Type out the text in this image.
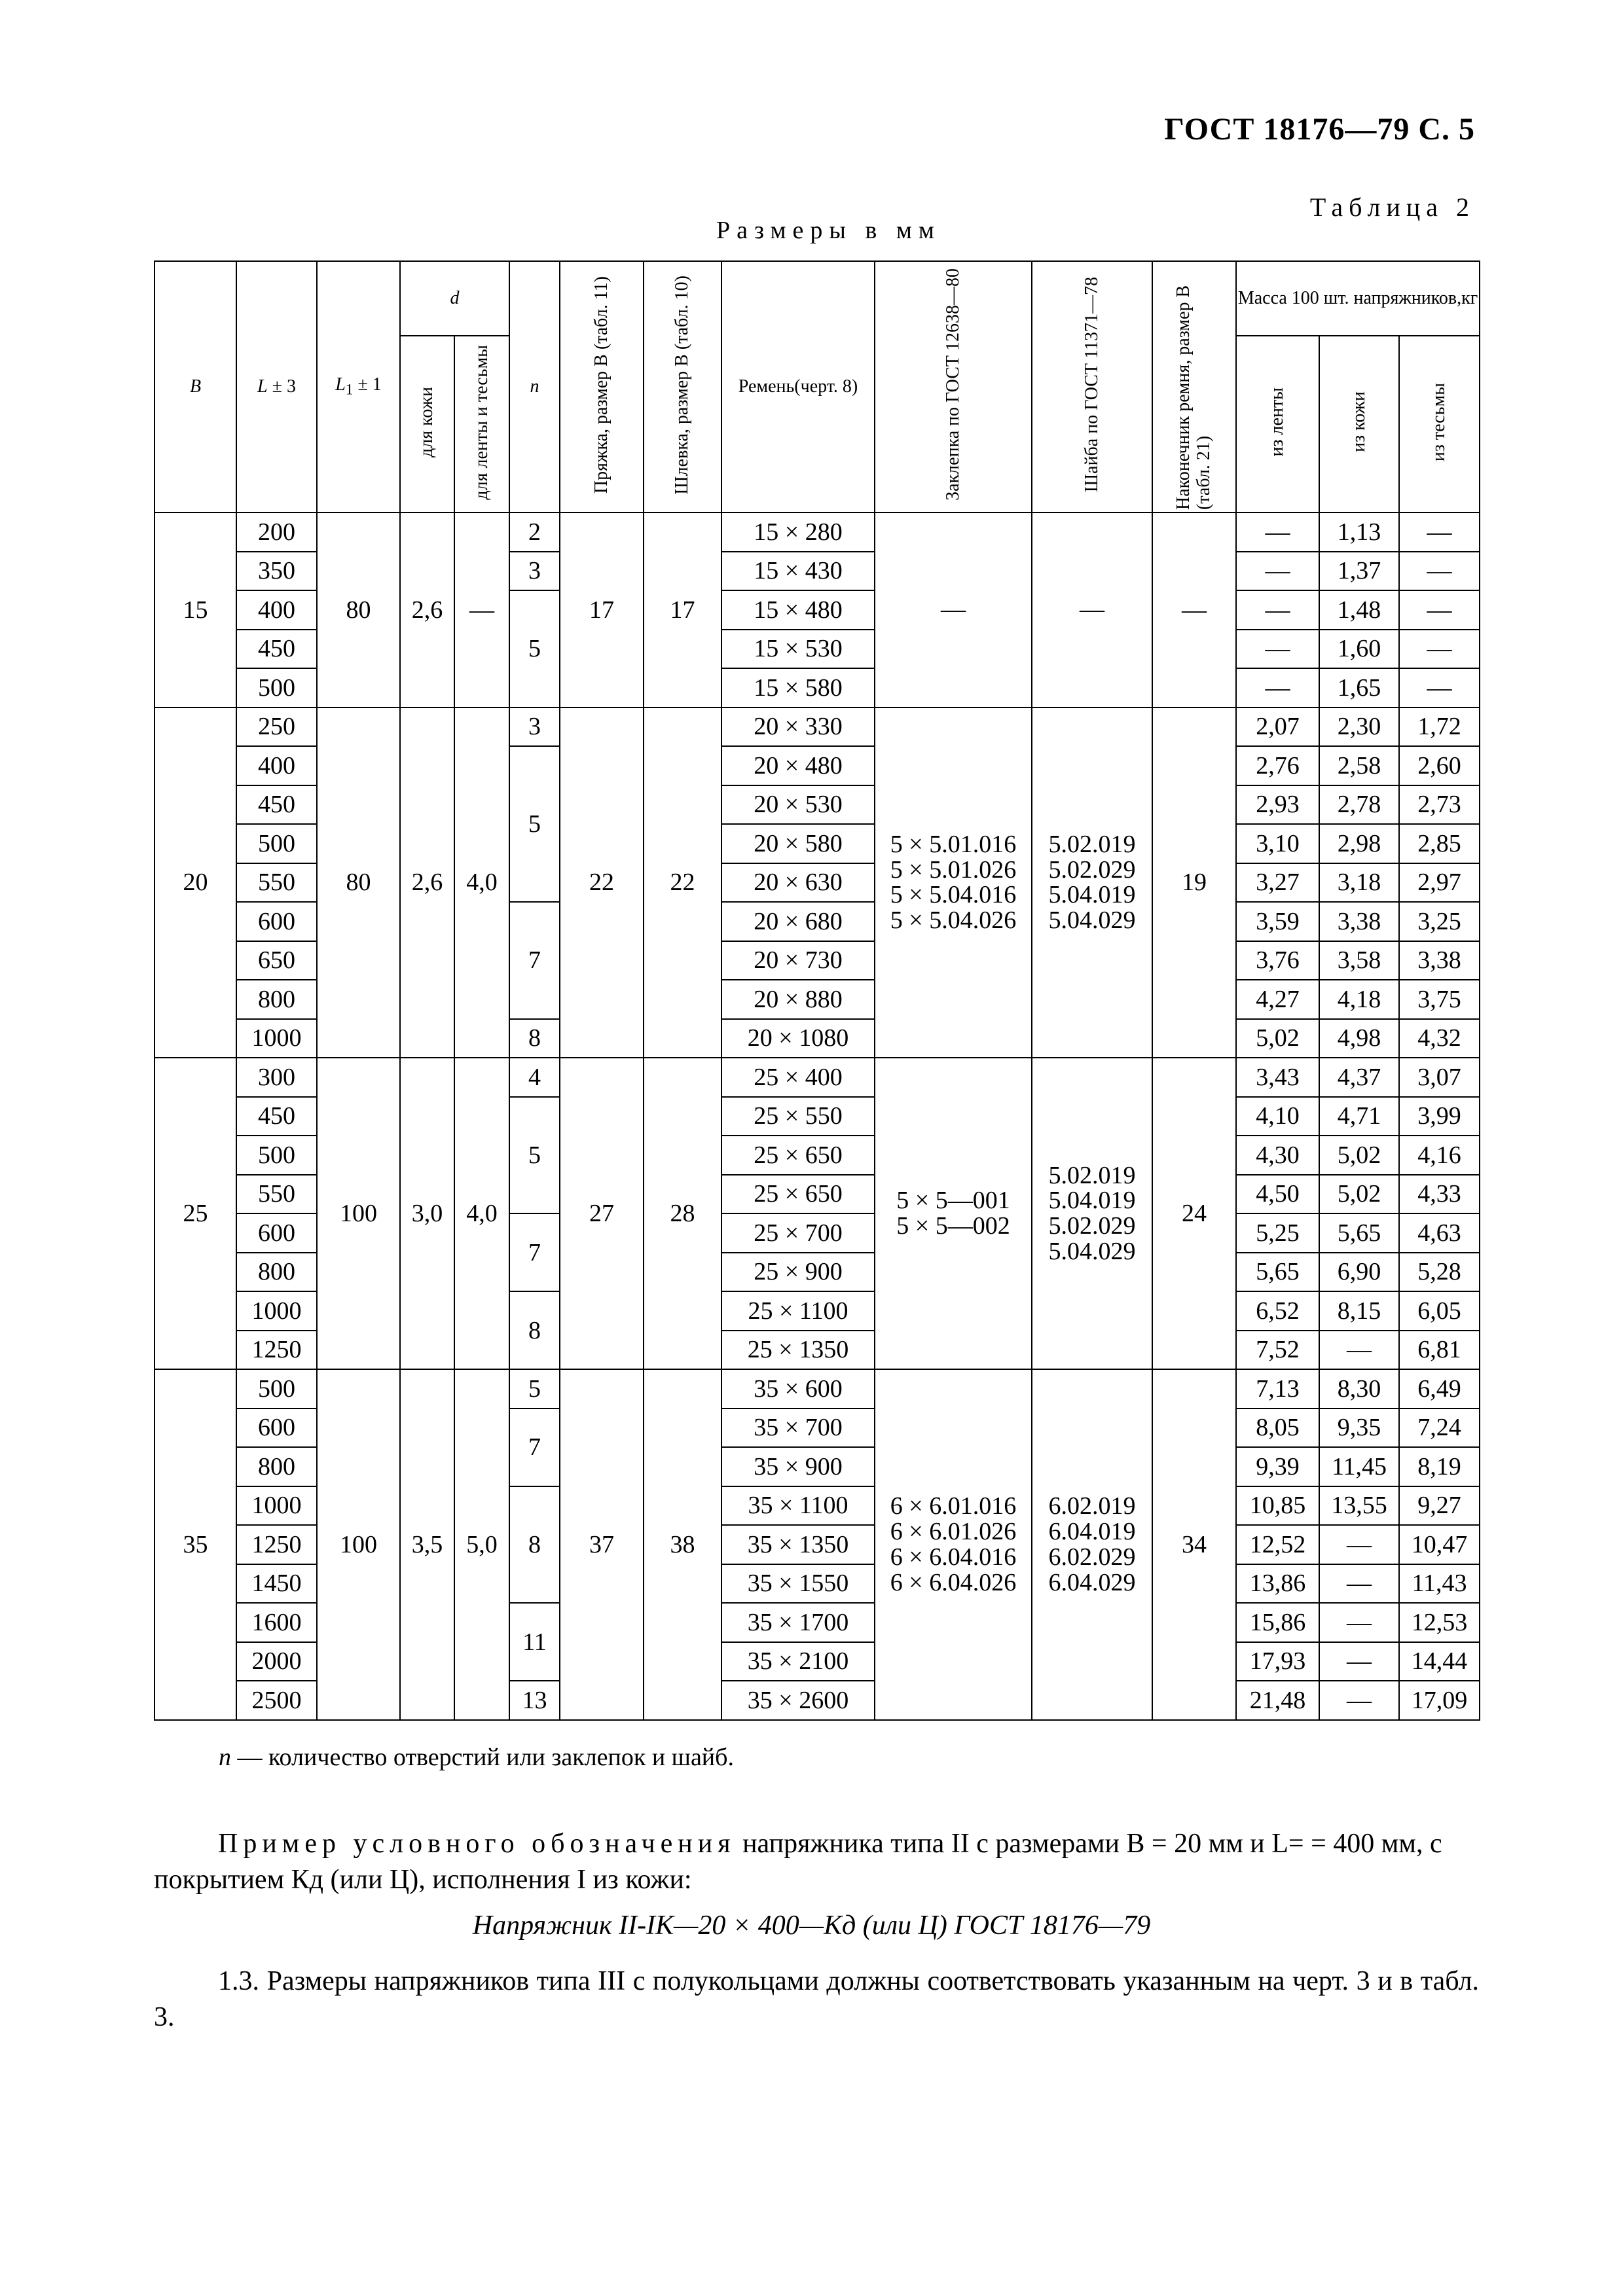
ГОСТ 18176—79 С. 5
Таблица 2
Размеры в мм
B	L ± 3	$L_1 \pm 1$	d		n	Пряжка, размер B (табл. 11)	Шлевка, размер B (табл. 10)	Ремень(черт. 8)	Заклепка по ГОСТ 12638—80	Шайба по ГОСТ 11371—78	Наконечник ремня, размер B (табл. 21)	Масса 100 шт. напряжников,кг		
			для кожи	для ленты и тесьмы								из ленты	из кожи	из тесьмы
15	200	80	2,6	—	2	17	17	15 × 280	—	—	—	—	1,13	—
	350				3			15 × 430				—	1,37	—
	400				5			15 × 480				—	1,48	—
	450							15 × 530				—	1,60	—
	500							15 × 580				—	1,65	—
20	250	80	2,6	4,0	3	22	22	20 × 330	5 × 5.01.016
5 × 5.01.026
5 × 5.04.016
5 × 5.04.026	5.02.019
5.02.029
5.04.019
5.04.029	19	2,07	2,30	1,72
	400				5			20 × 480				2,76	2,58	2,60
	450							20 × 530				2,93	2,78	2,73
	500							20 × 580				3,10	2,98	2,85
	550							20 × 630				3,27	3,18	2,97
	600				7			20 × 680				3,59	3,38	3,25
	650							20 × 730				3,76	3,58	3,38
	800							20 × 880				4,27	4,18	3,75
	1000				8			20 × 1080				5,02	4,98	4,32
25	300	100	3,0	4,0	4	27	28	25 × 400	5 × 5—001
5 × 5—002	5.02.019
5.04.019
5.02.029
5.04.029	24	3,43	4,37	3,07
	450				5			25 × 550				4,10	4,71	3,99
	500							25 × 650				4,30	5,02	4,16
	550							25 × 650				4,50	5,02	4,33
	600				7			25 × 700				5,25	5,65	4,63
	800							25 × 900				5,65	6,90	5,28
	1000				8			25 × 1100				6,52	8,15	6,05
	1250							25 × 1350				7,52	—	6,81
35	500	100	3,5	5,0	5	37	38	35 × 600	6 × 6.01.016
6 × 6.01.026
6 × 6.04.016
6 × 6.04.026	6.02.019
6.04.019
6.02.029
6.04.029	34	7,13	8,30	6,49
	600				7			35 × 700				8,05	9,35	7,24
	800							35 × 900				9,39	11,45	8,19
	1000				8			35 × 1100				10,85	13,55	9,27
	1250							35 × 1350				12,52	—	10,47
	1450							35 × 1550				13,86	—	11,43
	1600				11			35 × 1700				15,86	—	12,53
	2000							35 × 2100				17,93	—	14,44
	2500				13			35 × 2600				21,48	—	17,09
n — количество отверстий или заклепок и шайб.
Пример условного обозначения напряжника типа II с размерами B = 20 мм и L= = 400 мм, с покрытием Кд (или Ц), исполнения I из кожи:
Напряжник II-IK—20 × 400—Кд (или Ц) ГОСТ 18176—79
1.3. Размеры напряжников типа III с полукольцами должны соответствовать указанным на черт. 3 и в табл. 3.
